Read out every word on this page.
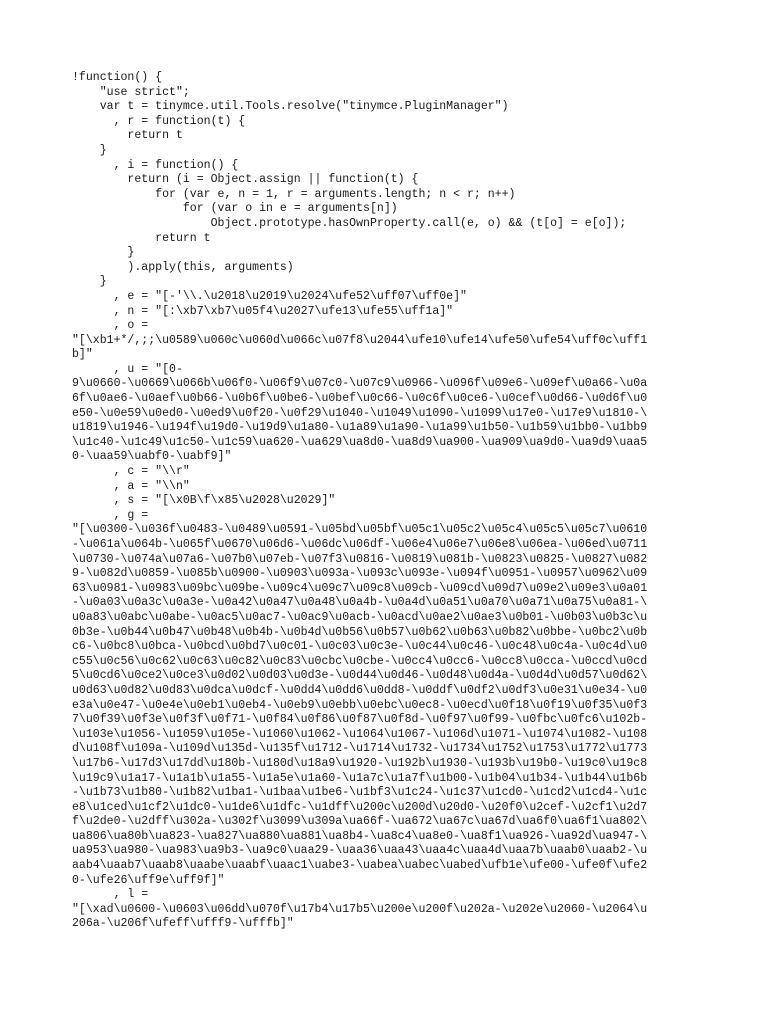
!function() {
"use strict";
var t = tinymce.util.Tools.resolve("tinymce.PluginManager")
, r = function(t) {
return t
}
, i = function() {
return (i = Object.assign || function(t) {
for (var e, n = 1, r = arguments.length; n < r; n++)
for (var o in e = arguments[n])
Object.prototype.hasOwnProperty.call(e, o) && (t[o] = e[o]);
return t
}
).apply(this, arguments)
}
, e = "[-'\\.\u2018\u2019\u2024\ufe52\uff07\uff0e]"
, n = "[:\xb7\xb7\u05f4\u2027\ufe13\ufe55\uff1a]"
, o =
"[\xb1+*/,;;\u0589\u060c\u060d\u066c\u07f8\u2044\ufe10\ufe14\ufe50\ufe54\uff0c\uff1
b]"
, u = "[0-
9\u0660-\u0669\u066b\u06f0-\u06f9\u07c0-\u07c9\u0966-\u096f\u09e6-\u09ef\u0a66-\u0a
6f\u0ae6-\u0aef\u0b66-\u0b6f\u0be6-\u0bef\u0c66-\u0c6f\u0ce6-\u0cef\u0d66-\u0d6f\u0
e50-\u0e59\u0ed0-\u0ed9\u0f20-\u0f29\u1040-\u1049\u1090-\u1099\u17e0-\u17e9\u1810-\
u1819\u1946-\u194f\u19d0-\u19d9\u1a80-\u1a89\u1a90-\u1a99\u1b50-\u1b59\u1bb0-\u1bb9
\u1c40-\u1c49\u1c50-\u1c59\ua620-\ua629\ua8d0-\ua8d9\ua900-\ua909\ua9d0-\ua9d9\uaa5
0-\uaa59\uabf0-\uabf9]"
, c = "\\r"
, a = "\\n"
, s = "[\x0B\f\x85\u2028\u2029]"
, g =
"[\u0300-\u036f\u0483-\u0489\u0591-\u05bd\u05bf\u05c1\u05c2\u05c4\u05c5\u05c7\u0610
-\u061a\u064b-\u065f\u0670\u06d6-\u06dc\u06df-\u06e4\u06e7\u06e8\u06ea-\u06ed\u0711
\u0730-\u074a\u07a6-\u07b0\u07eb-\u07f3\u0816-\u0819\u081b-\u0823\u0825-\u0827\u082
9-\u082d\u0859-\u085b\u0900-\u0903\u093a-\u093c\u093e-\u094f\u0951-\u0957\u0962\u09
63\u0981-\u0983\u09bc\u09be-\u09c4\u09c7\u09c8\u09cb-\u09cd\u09d7\u09e2\u09e3\u0a01
-\u0a03\u0a3c\u0a3e-\u0a42\u0a47\u0a48\u0a4b-\u0a4d\u0a51\u0a70\u0a71\u0a75\u0a81-\
u0a83\u0abc\u0abe-\u0ac5\u0ac7-\u0ac9\u0acb-\u0acd\u0ae2\u0ae3\u0b01-\u0b03\u0b3c\u
0b3e-\u0b44\u0b47\u0b48\u0b4b-\u0b4d\u0b56\u0b57\u0b62\u0b63\u0b82\u0bbe-\u0bc2\u0b
c6-\u0bc8\u0bca-\u0bcd\u0bd7\u0c01-\u0c03\u0c3e-\u0c44\u0c46-\u0c48\u0c4a-\u0c4d\u0
c55\u0c56\u0c62\u0c63\u0c82\u0c83\u0cbc\u0cbe-\u0cc4\u0cc6-\u0cc8\u0cca-\u0ccd\u0cd
5\u0cd6\u0ce2\u0ce3\u0d02\u0d03\u0d3e-\u0d44\u0d46-\u0d48\u0d4a-\u0d4d\u0d57\u0d62\
u0d63\u0d82\u0d83\u0dca\u0dcf-\u0dd4\u0dd6\u0dd8-\u0ddf\u0df2\u0df3\u0e31\u0e34-\u0
e3a\u0e47-\u0e4e\u0eb1\u0eb4-\u0eb9\u0ebb\u0ebc\u0ec8-\u0ecd\u0f18\u0f19\u0f35\u0f3
7\u0f39\u0f3e\u0f3f\u0f71-\u0f84\u0f86\u0f87\u0f8d-\u0f97\u0f99-\u0fbc\u0fc6\u102b-
\u103e\u1056-\u1059\u105e-\u1060\u1062-\u1064\u1067-\u106d\u1071-\u1074\u1082-\u108
d\u108f\u109a-\u109d\u135d-\u135f\u1712-\u1714\u1732-\u1734\u1752\u1753\u1772\u1773
\u17b6-\u17d3\u17dd\u180b-\u180d\u18a9\u1920-\u192b\u1930-\u193b\u19b0-\u19c0\u19c8
\u19c9\u1a17-\u1a1b\u1a55-\u1a5e\u1a60-\u1a7c\u1a7f\u1b00-\u1b04\u1b34-\u1b44\u1b6b
-\u1b73\u1b80-\u1b82\u1ba1-\u1baa\u1be6-\u1bf3\u1c24-\u1c37\u1cd0-\u1cd2\u1cd4-\u1c
e8\u1ced\u1cf2\u1dc0-\u1de6\u1dfc-\u1dff\u200c\u200d\u20d0-\u20f0\u2cef-\u2cf1\u2d7
f\u2de0-\u2dff\u302a-\u302f\u3099\u309a\ua66f-\ua672\ua67c\ua67d\ua6f0\ua6f1\ua802\
ua806\ua80b\ua823-\ua827\ua880\ua881\ua8b4-\ua8c4\ua8e0-\ua8f1\ua926-\ua92d\ua947-\
ua953\ua980-\ua983\ua9b3-\ua9c0\uaa29-\uaa36\uaa43\uaa4c\uaa4d\uaa7b\uaab0\uaab2-\u
aab4\uaab7\uaab8\uaabe\uaabf\uaac1\uabe3-\uabea\uabec\uabed\ufb1e\ufe00-\ufe0f\ufe2
0-\ufe26\uff9e\uff9f]"
, l =
"[\xad\u0600-\u0603\u06dd\u070f\u17b4\u17b5\u200e\u200f\u202a-\u202e\u2060-\u2064\u
206a-\u206f\ufeff\ufff9-\ufffb]"
